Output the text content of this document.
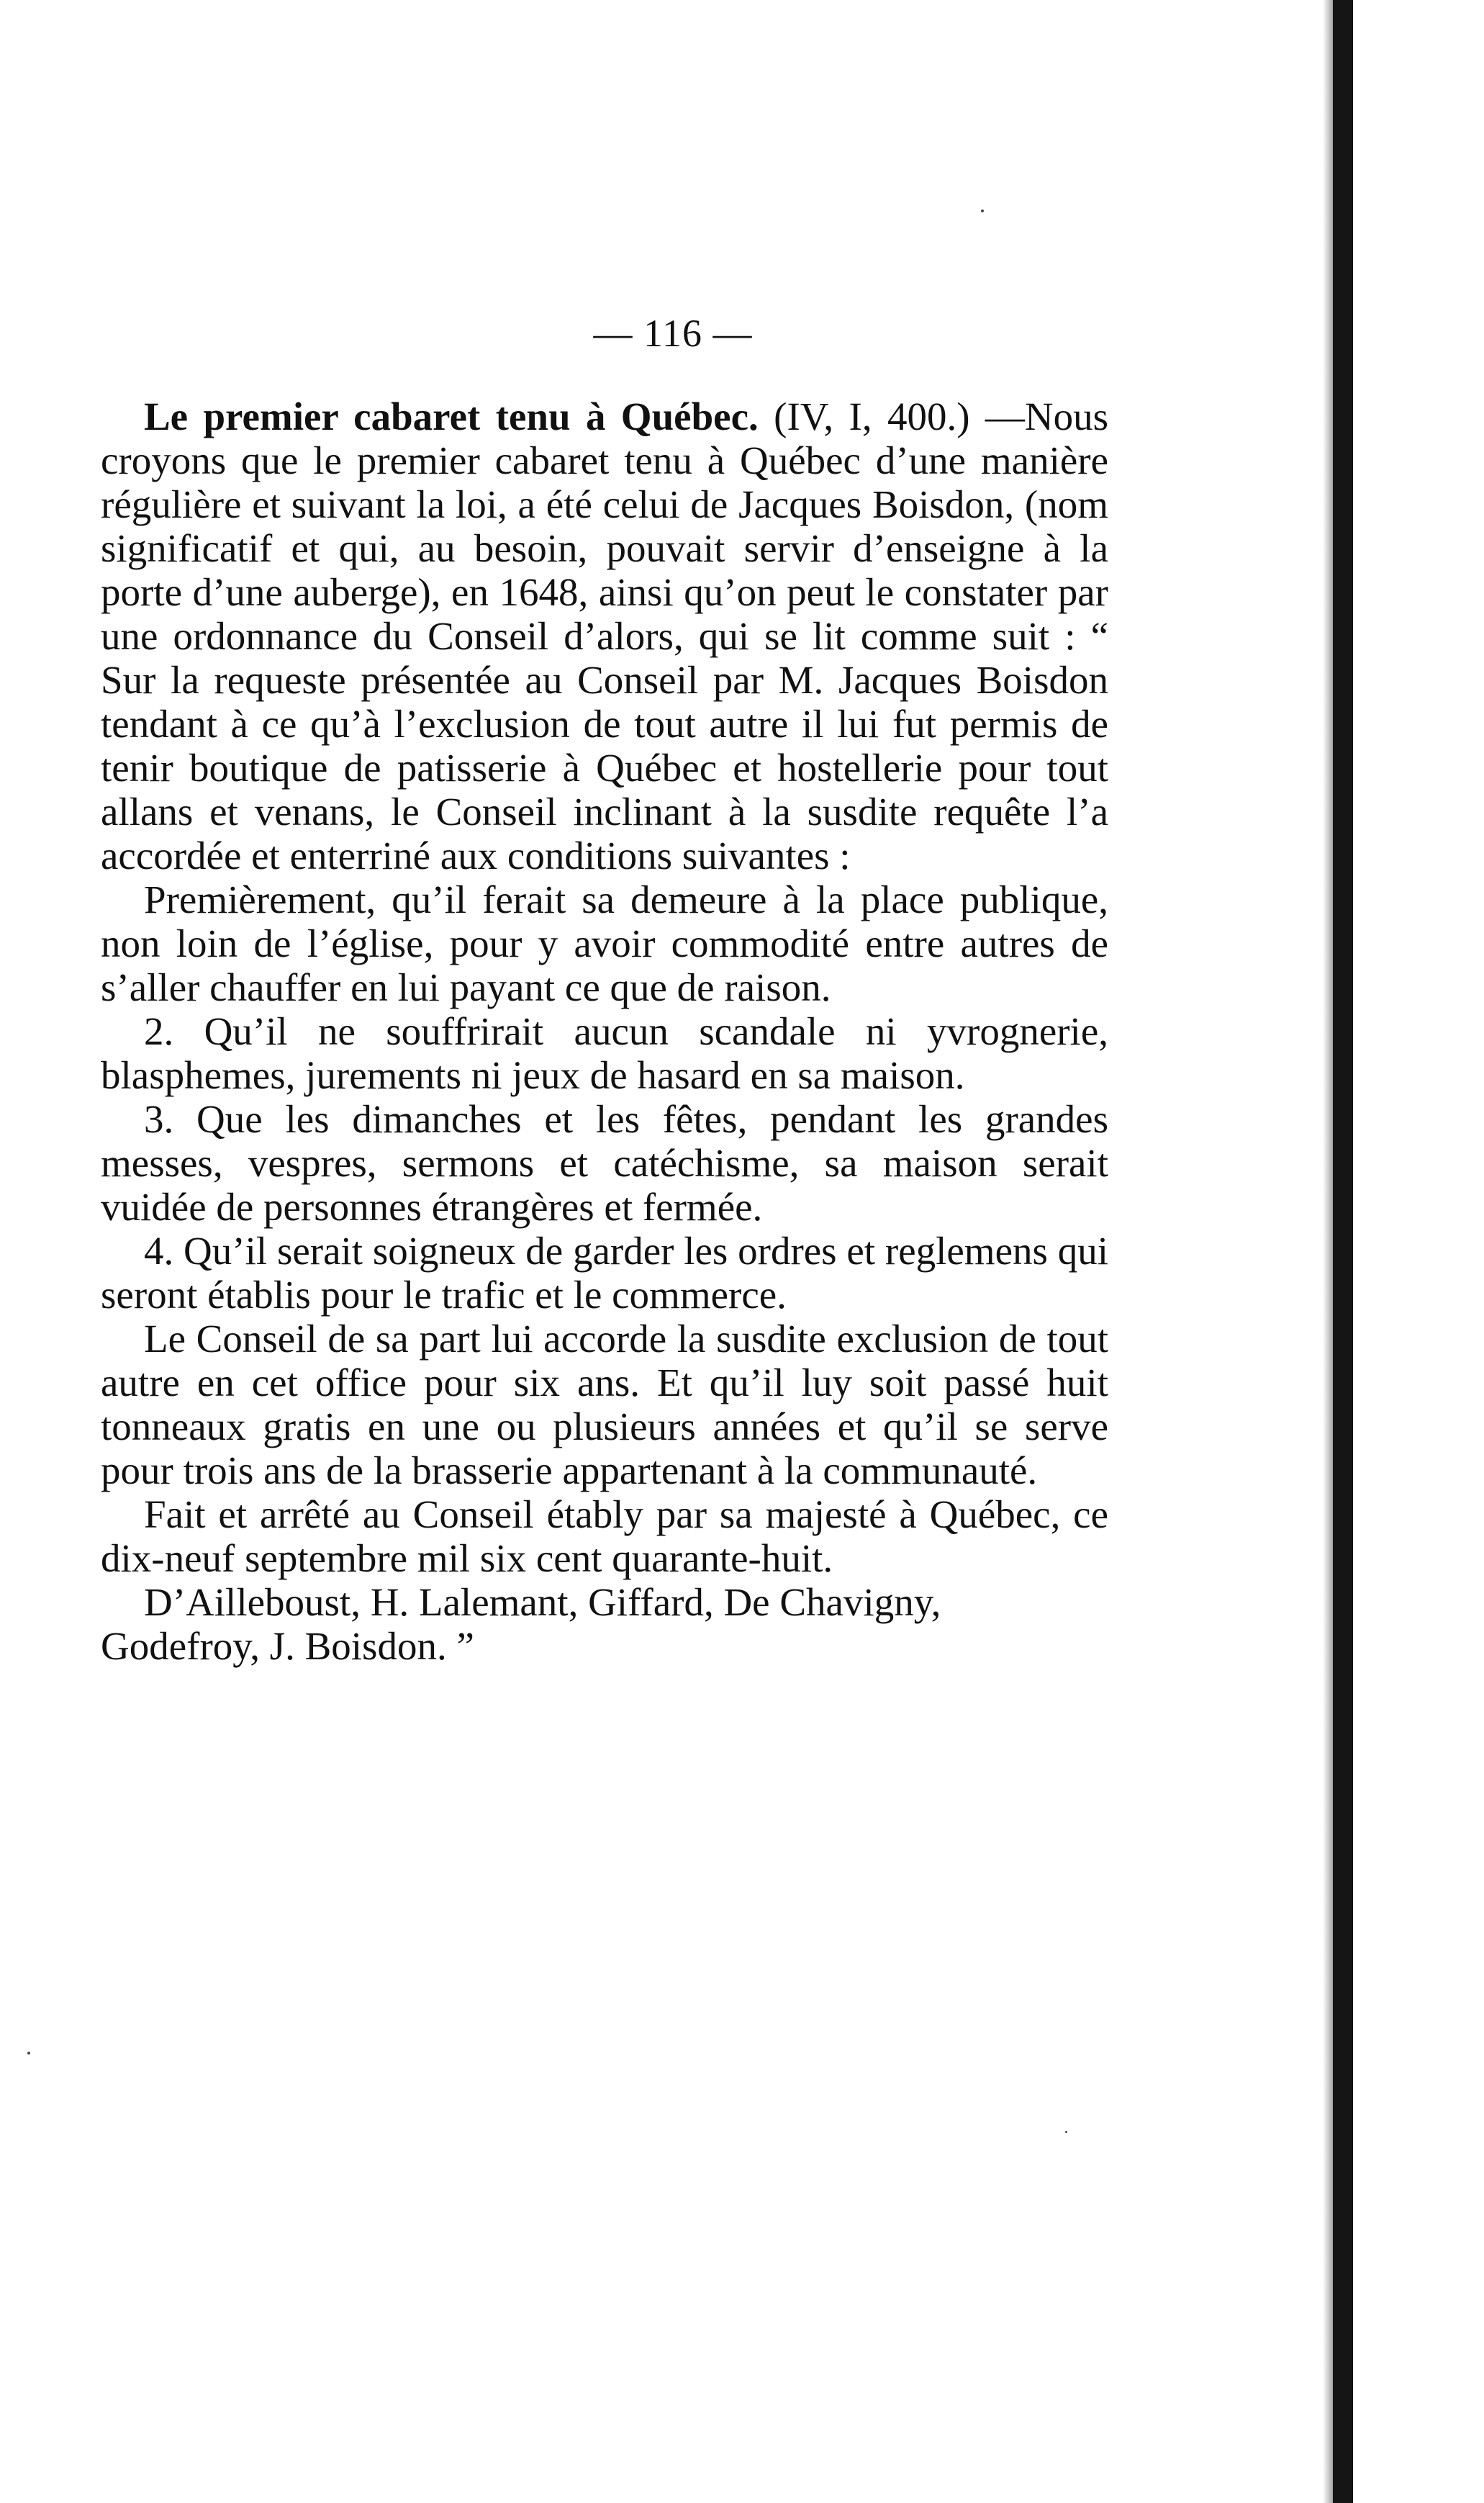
— 116 —

Le premier cabaret tenu à Québec. (IV, I, 400.) —Nous croyons que le premier cabaret tenu à Québec d’une manière régulière et suivant la loi, a été celui de Jacques Boisdon, (nom significatif et qui, au besoin, pouvait servir d’enseigne à la porte d’une auberge), en 1648, ainsi qu’on peut le constater par une ordonnance du Conseil d’alors, qui se lit comme suit : “ Sur la requeste présentée au Conseil par M. Jacques Boisdon tendant à ce qu’à l’exclusion de tout autre il lui fut permis de tenir boutique de patisserie à Québec et hostellerie pour tout allans et venans, le Conseil inclinant à la susdite requête l’a accordée et enterriné aux conditions suivantes :

Premièrement, qu’il ferait sa demeure à la place publique, non loin de l’église, pour y avoir commodité entre autres de s’aller chauffer en lui payant ce que de raison.

2. Qu’il ne souffrirait aucun scandale ni yvrognerie, blasphemes, jurements ni jeux de hasard en sa maison.

3. Que les dimanches et les fêtes, pendant les grandes messes, vespres, sermons et catéchisme, sa maison serait vuidée de personnes étrangères et fermée.

4. Qu’il serait soigneux de garder les ordres et reglemens qui seront établis pour le trafic et le commerce.

Le Conseil de sa part lui accorde la susdite exclusion de tout autre en cet office pour six ans. Et qu’il luy soit passé huit tonneaux gratis en une ou plusieurs années et qu’il se serve pour trois ans de la brasserie appartenant à la communauté.

Fait et arrêté au Conseil étably par sa majesté à Québec, ce dix-neuf septembre mil six cent quarante-huit.

D’Ailleboust, H. Lalemant, Giffard, De Chavigny, Godefroy, J. Boisdon. ”
